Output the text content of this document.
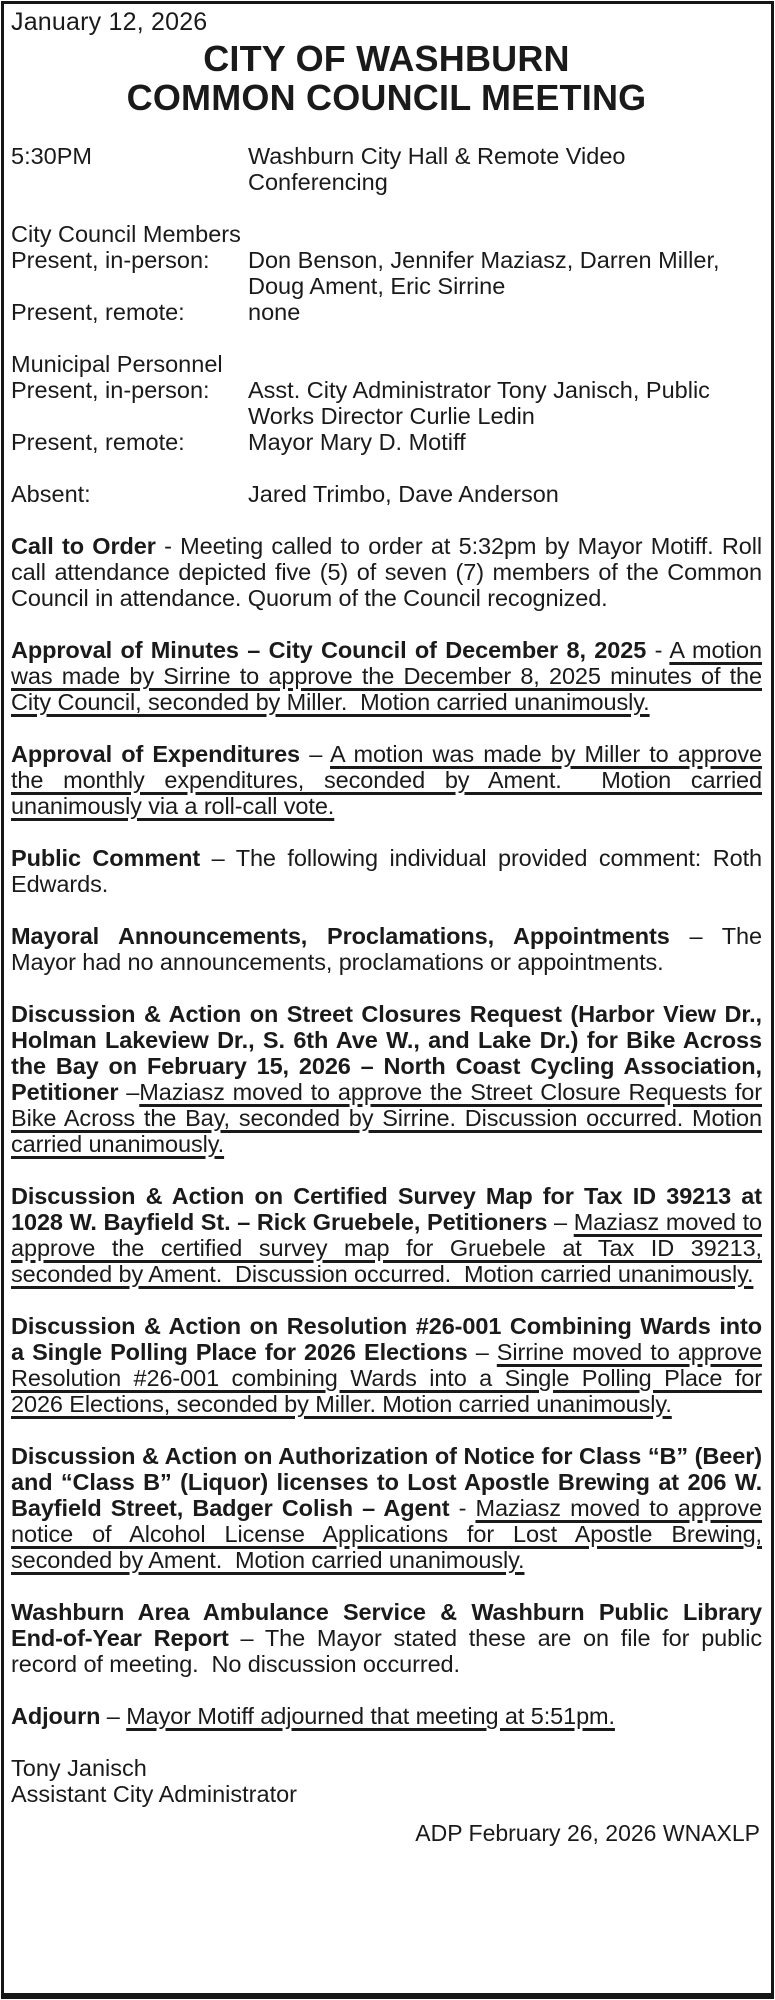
January 12, 2026
CITY OF WASHBURN
COMMON COUNCIL MEETING
5:30PM	Washburn City Hall & Remote Video Conferencing
City Council Members
Present, in-person:	Don Benson, Jennifer Maziasz, Darren Miller, Doug Ament, Eric Sirrine
Present, remote:	none
Municipal Personnel
Present, in-person:	Asst. City Administrator Tony Janisch, Public Works Director Curlie Ledin
Present, remote:	Mayor Mary D. Motiff
Absent:	Jared Trimbo, Dave Anderson

Call to Order - Meeting called to order at 5:32pm by Mayor Motiff. Roll call attendance depicted five (5) of seven (7) members of the Common Council in attendance. Quorum of the Council recognized.

Approval of Minutes – City Council of December 8, 2025 - A motion was made by Sirrine to approve the December 8, 2025 minutes of the City Council, seconded by Miller.  Motion carried unanimously.

Approval of Expenditures – A motion was made by Miller to approve the monthly expenditures, seconded by Ament.  Motion carried unanimously via a roll-call vote.

Public Comment – The following individual provided comment: Roth Edwards.

Mayoral Announcements, Proclamations, Appointments – The Mayor had no announcements, proclamations or appointments.

Discussion & Action on Street Closures Request (Harbor View Dr., Holman Lakeview Dr., S. 6th Ave W., and Lake Dr.) for Bike Across the Bay on February 15, 2026 – North Coast Cycling Association, Petitioner –Maziasz moved to approve the Street Closure Requests for Bike Across the Bay, seconded by Sirrine. Discussion occurred. Motion carried unanimously.

Discussion & Action on Certified Survey Map for Tax ID 39213 at 1028 W. Bayfield St. – Rick Gruebele, Petitioners – Maziasz moved to approve the certified survey map for Gruebele at Tax ID 39213, seconded by Ament.  Discussion occurred.  Motion carried unanimously.

Discussion & Action on Resolution #26-001 Combining Wards into a Single Polling Place for 2026 Elections – Sirrine moved to approve Resolution #26-001 combining Wards into a Single Polling Place for 2026 Elections, seconded by Miller. Motion carried unanimously.

Discussion & Action on Authorization of Notice for Class “B” (Beer) and “Class B” (Liquor) licenses to Lost Apostle Brewing at 206 W. Bayfield Street, Badger Colish – Agent - Maziasz moved to approve notice of Alcohol License Applications for Lost Apostle Brewing, seconded by Ament.  Motion carried unanimously.

Washburn Area Ambulance Service & Washburn Public Library End-of-Year Report – The Mayor stated these are on file for public record of meeting.  No discussion occurred.

Adjourn – Mayor Motiff adjourned that meeting at 5:51pm.

Tony Janisch
Assistant City Administrator
ADP February 26, 2026 WNAXLP
